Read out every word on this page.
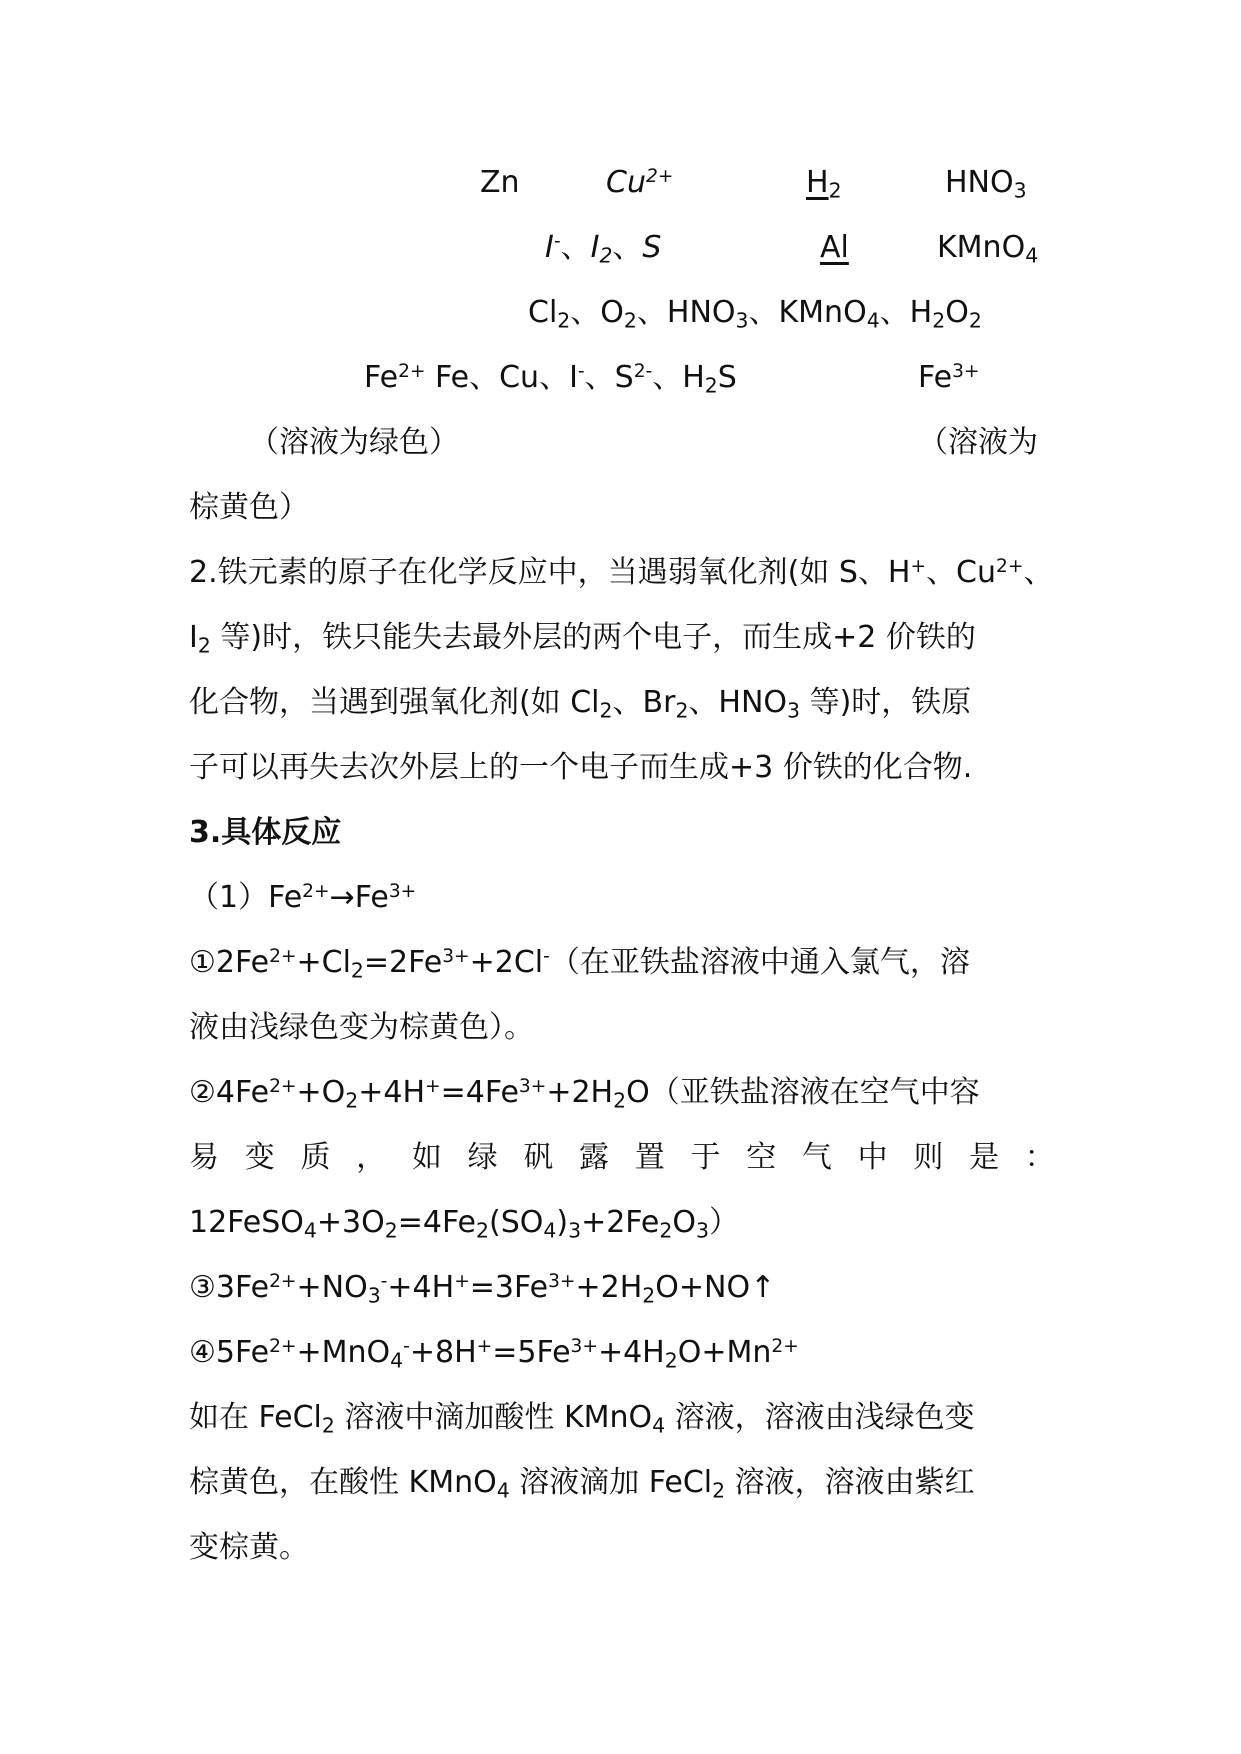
Zn	$Cu^{2+}$	$H_2$	$HNO_3$
I-、$I_2$、S	Al	KMnO$_4$
$Cl_2$、$O_2$、$HNO_3$、KMnO$_4$、$H_2O_2$
$Fe^{2+}$ Fe、Cu、I-、$S^{2-}$、$H_2S$	$Fe^{3+}$
（溶液为绿色）	（溶液为
棕黄色）
2.铁元素的原子在化学反应中，当遇弱氧化剂(如 S、H+、$Cu^{2+}$、
$I_2$ 等)时，铁只能失去最外层的两个电子，而生成+2 价铁的
化合物，当遇到强氧化剂(如 $Cl_2$、$Br_2$、$HNO_3$ 等)时，铁原
子可以再失去次外层上的一个电子而生成+3 价铁的化合物.
3.具体反应
$(1)Fe^{2+}\to Fe^{3+}$
$①2Fe^{2+}+Cl_2=2Fe^{3+}+2Cl^-$（在亚铁盐溶液中通入氯气，溶
液由浅绿色变为棕黄色）。
$②4Fe^{2+}+O_2+4H^+=4Fe^{3+}+2H_2O$（亚铁盐溶液在空气中容
易 变 质 ， 如 绿 矾 露 置 于 空 气 中 则 是 ：
$12FeSO_4+3O_2=4Fe_2(SO_4)_3+2Fe_2O_3$）
$③3Fe^{2+}+NO_3^-+4H^+=3Fe^{3+}+2H_2O+NO↑$
$④5Fe^{2+}+MnO_4^-+8H^+=5Fe^{3+}+4H_2O+Mn^{2+}$
如在 FeCl$_2$ 溶液中滴加酸性 KMnO$_4$ 溶液，溶液由浅绿色变
棕黄色，在酸性 KMnO$_4$ 溶液滴加 FeCl$_2$ 溶液，溶液由紫红
变棕黄。
